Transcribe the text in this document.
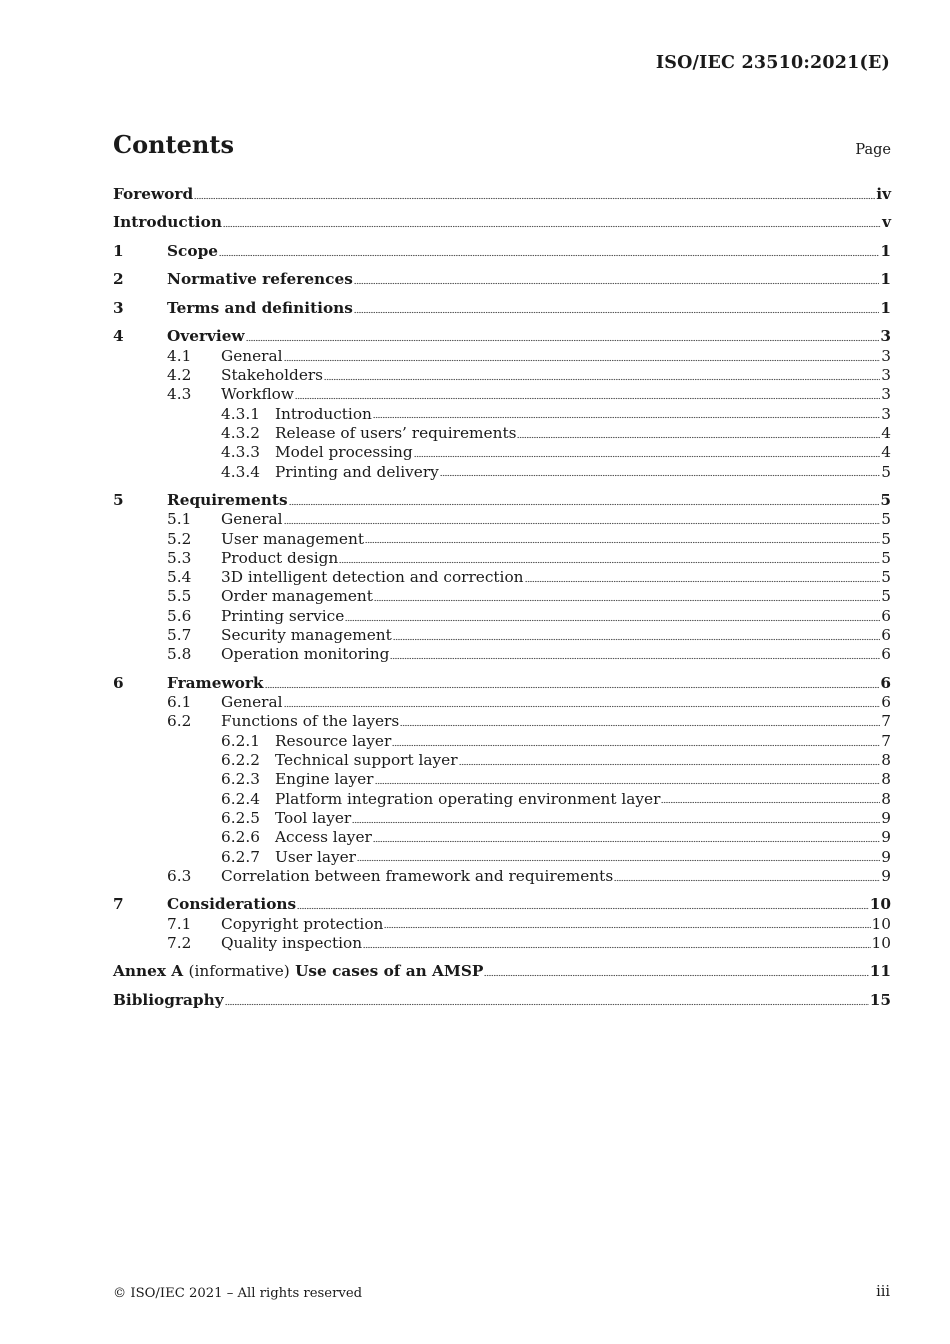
ISO/IEC 23510:2021(E)
Contents	Page
Foreword	iv
Introduction	v
1	Scope	1
2	Normative references	1
3	Terms and definitions	1
4	Overview	3
4.1	General	3
4.2	Stakeholders	3
4.3	Workflow	3
4.3.1 Introduction	3
4.3.2 Release of users’ requirements	4
4.3.3 Model processing	4
4.3.4 Printing and delivery	5
5	Requirements	5
5.1	General	5
5.2	User management	5
5.3	Product design	5
5.4	3D intelligent detection and correction	5
5.5	Order management	5
5.6	Printing service	6
5.7	Security management	6
5.8	Operation monitoring	6
6	Framework	6
6.1	General	6
6.2	Functions of the layers	7
6.2.1 Resource layer	7
6.2.2 Technical support layer	8
6.2.3 Engine layer	8
6.2.4 Platform integration operating environment layer	8
6.2.5 Tool layer	9
6.2.6 Access layer	9
6.2.7 User layer	9
6.3	Correlation between framework and requirements	9
7	Considerations	10
7.1	Copyright protection	10
7.2	Quality inspection	10
Annex A (informative) Use cases of an AMSP	11
Bibliography	15
© ISO/IEC 2021 – All rights reserved	iii
